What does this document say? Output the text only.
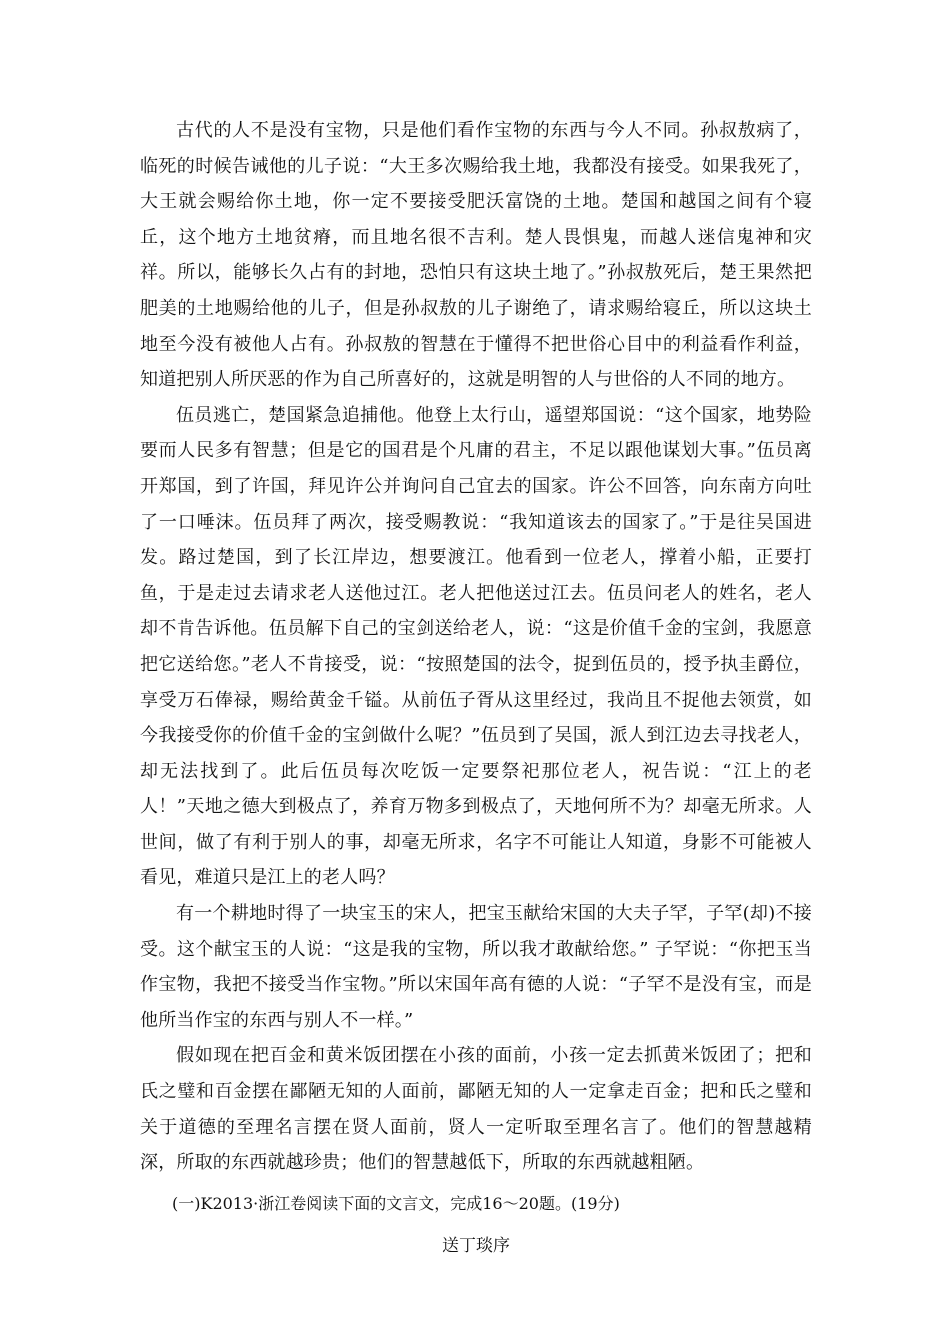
古代的人不是没有宝物，只是他们看作宝物的东西与今人不同。孙叔敖病了，临死的时候告诫他的儿子说：“大王多次赐给我土地，我都没有接受。如果我死了，大王就会赐给你土地，你一定不要接受肥沃富饶的土地。楚国和越国之间有个寝丘，这个地方土地贫瘠，而且地名很不吉利。楚人畏惧鬼，而越人迷信鬼神和灾祥。所以，能够长久占有的封地，恐怕只有这块土地了。”孙叔敖死后，楚王果然把肥美的土地赐给他的儿子，但是孙叔敖的儿子谢绝了，请求赐给寝丘，所以这块土地至今没有被他人占有。孙叔敖的智慧在于懂得不把世俗心目中的利益看作利益，知道把别人所厌恶的作为自己所喜好的，这就是明智的人与世俗的人不同的地方。

伍员逃亡，楚国紧急追捕他。他登上太行山，遥望郑国说：“这个国家，地势险要而人民多有智慧；但是它的国君是个凡庸的君主，不足以跟他谋划大事。”伍员离开郑国，到了许国，拜见许公并询问自己宜去的国家。许公不回答，向东南方向吐了一口唾沫。伍员拜了两次，接受赐教说：“我知道该去的国家了。”于是往吴国进发。路过楚国，到了长江岸边，想要渡江。他看到一位老人，撑着小船，正要打鱼，于是走过去请求老人送他过江。老人把他送过江去。伍员问老人的姓名，老人却不肯告诉他。伍员解下自己的宝剑送给老人，说：“这是价值千金的宝剑，我愿意把它送给您。”老人不肯接受，说：“按照楚国的法令，捉到伍员的，授予执圭爵位，享受万石俸禄，赐给黄金千镒。从前伍子胥从这里经过，我尚且不捉他去领赏，如今我接受你的价值千金的宝剑做什么呢？”伍员到了吴国，派人到江边去寻找老人，却无法找到了。此后伍员每次吃饭一定要祭祀那位老人，祝告说：“江上的老人！”天地之德大到极点了，养育万物多到极点了，天地何所不为？却毫无所求。人世间，做了有利于别人的事，却毫无所求，名字不可能让人知道，身影不可能被人看见，难道只是江上的老人吗？

有一个耕地时得了一块宝玉的宋人，把宝玉献给宋国的大夫子罕，子罕(却)不接受。这个献宝玉的人说：“这是我的宝物，所以我才敢献给您。” 子罕说：“你把玉当作宝物，我把不接受当作宝物。”所以宋国年高有德的人说：“子罕不是没有宝，而是他所当作宝的东西与别人不一样。”

假如现在把百金和黄米饭团摆在小孩的面前，小孩一定去抓黄米饭团了；把和氏之璧和百金摆在鄙陋无知的人面前，鄙陋无知的人一定拿走百金；把和氏之璧和关于道德的至理名言摆在贤人面前，贤人一定听取至理名言了。他们的智慧越精深，所取的东西就越珍贵；他们的智慧越低下，所取的东西就越粗陋。

(一)K2013·浙江卷阅读下面的文言文，完成16～20题。(19分)

送丁琰序
